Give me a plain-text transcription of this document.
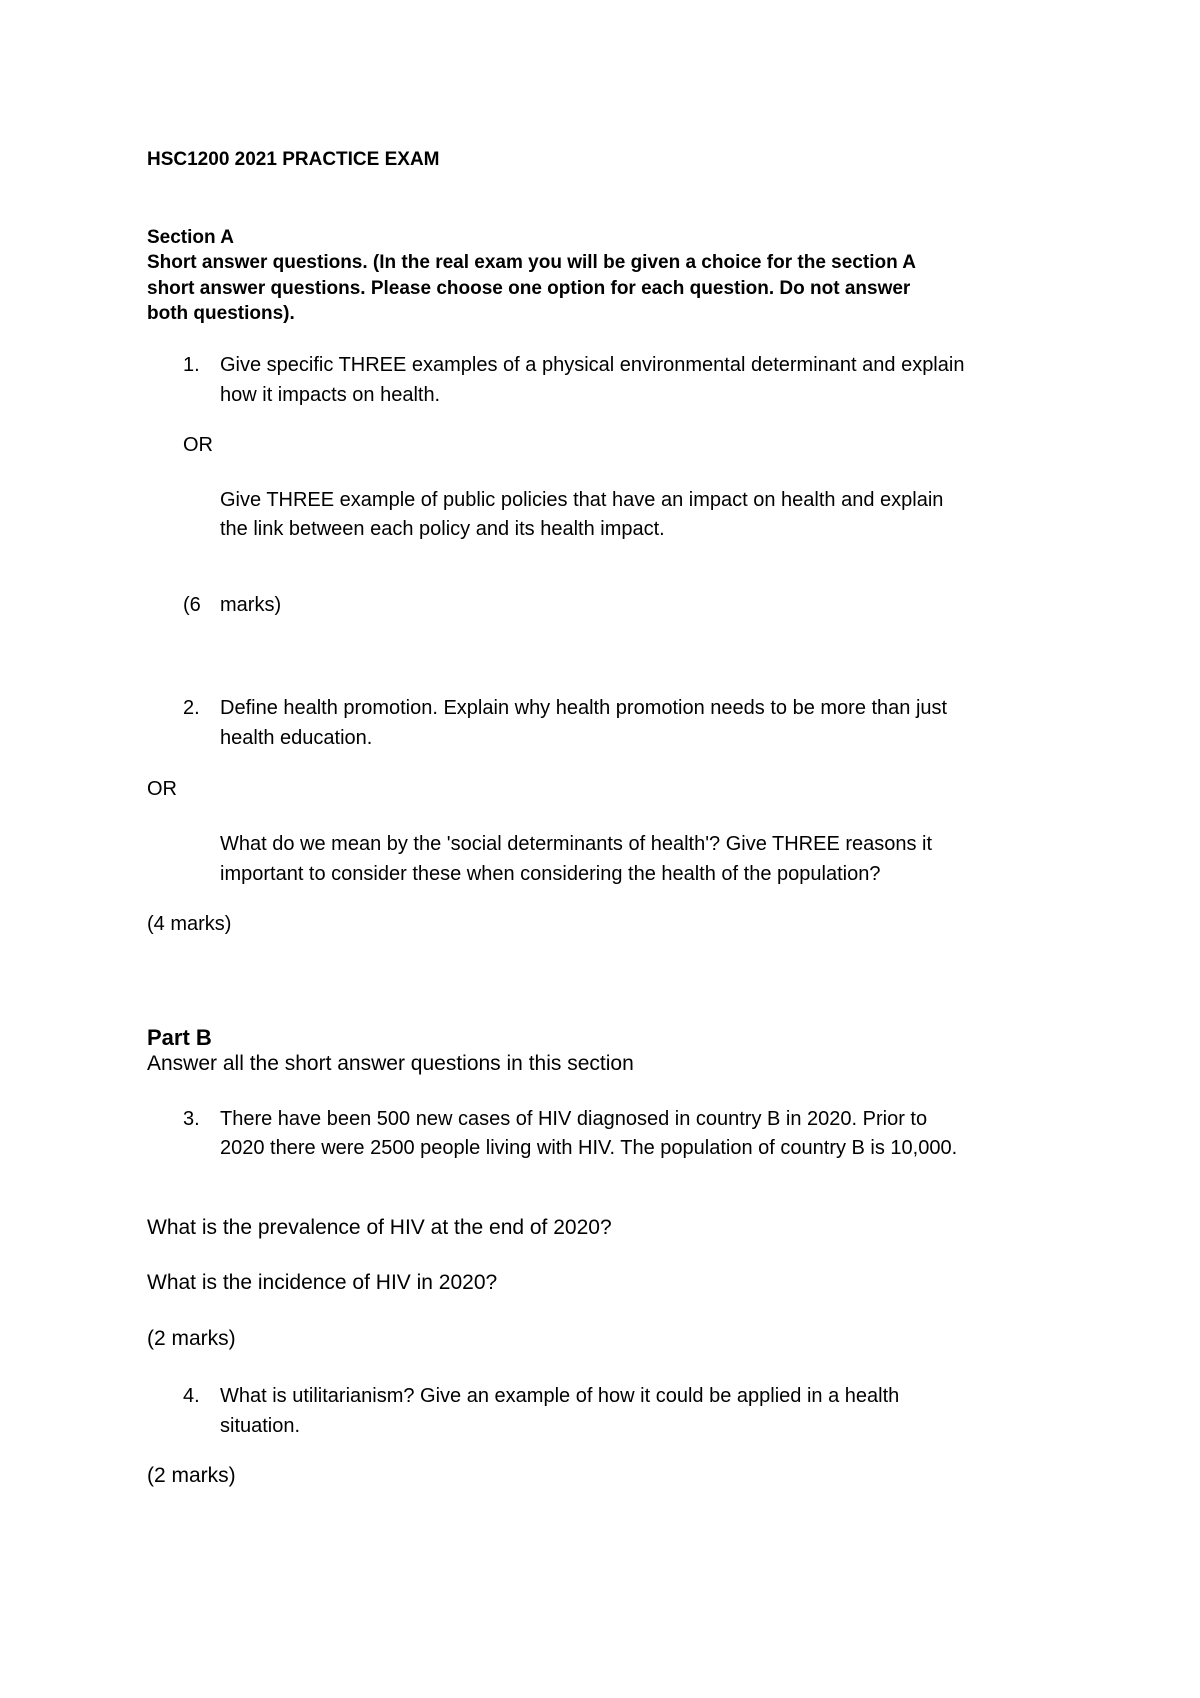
HSC1200 2021 PRACTICE EXAM
Section A
Short answer questions. (In the real exam you will be given a choice for the section A
short answer questions. Please choose one option for each question. Do not answer
both questions).
1. Give specific THREE examples of a physical environmental determinant and explain
how it impacts on health.
OR
Give THREE example of public policies that have an impact on health and explain
the link between each policy and its health impact.
(6 marks)
2. Define health promotion. Explain why health promotion needs to be more than just
health education.
OR
What do we mean by the 'social determinants of health'? Give THREE reasons it
important to consider these when considering the health of the population?
(4 marks)
Part B
Answer all the short answer questions in this section
3. There have been 500 new cases of HIV diagnosed in country B in 2020. Prior to
2020 there were 2500 people living with HIV. The population of country B is 10,000.
What is the prevalence of HIV at the end of 2020?
What is the incidence of HIV in 2020?
(2 marks)
4. What is utilitarianism? Give an example of how it could be applied in a health
situation.
(2 marks)
